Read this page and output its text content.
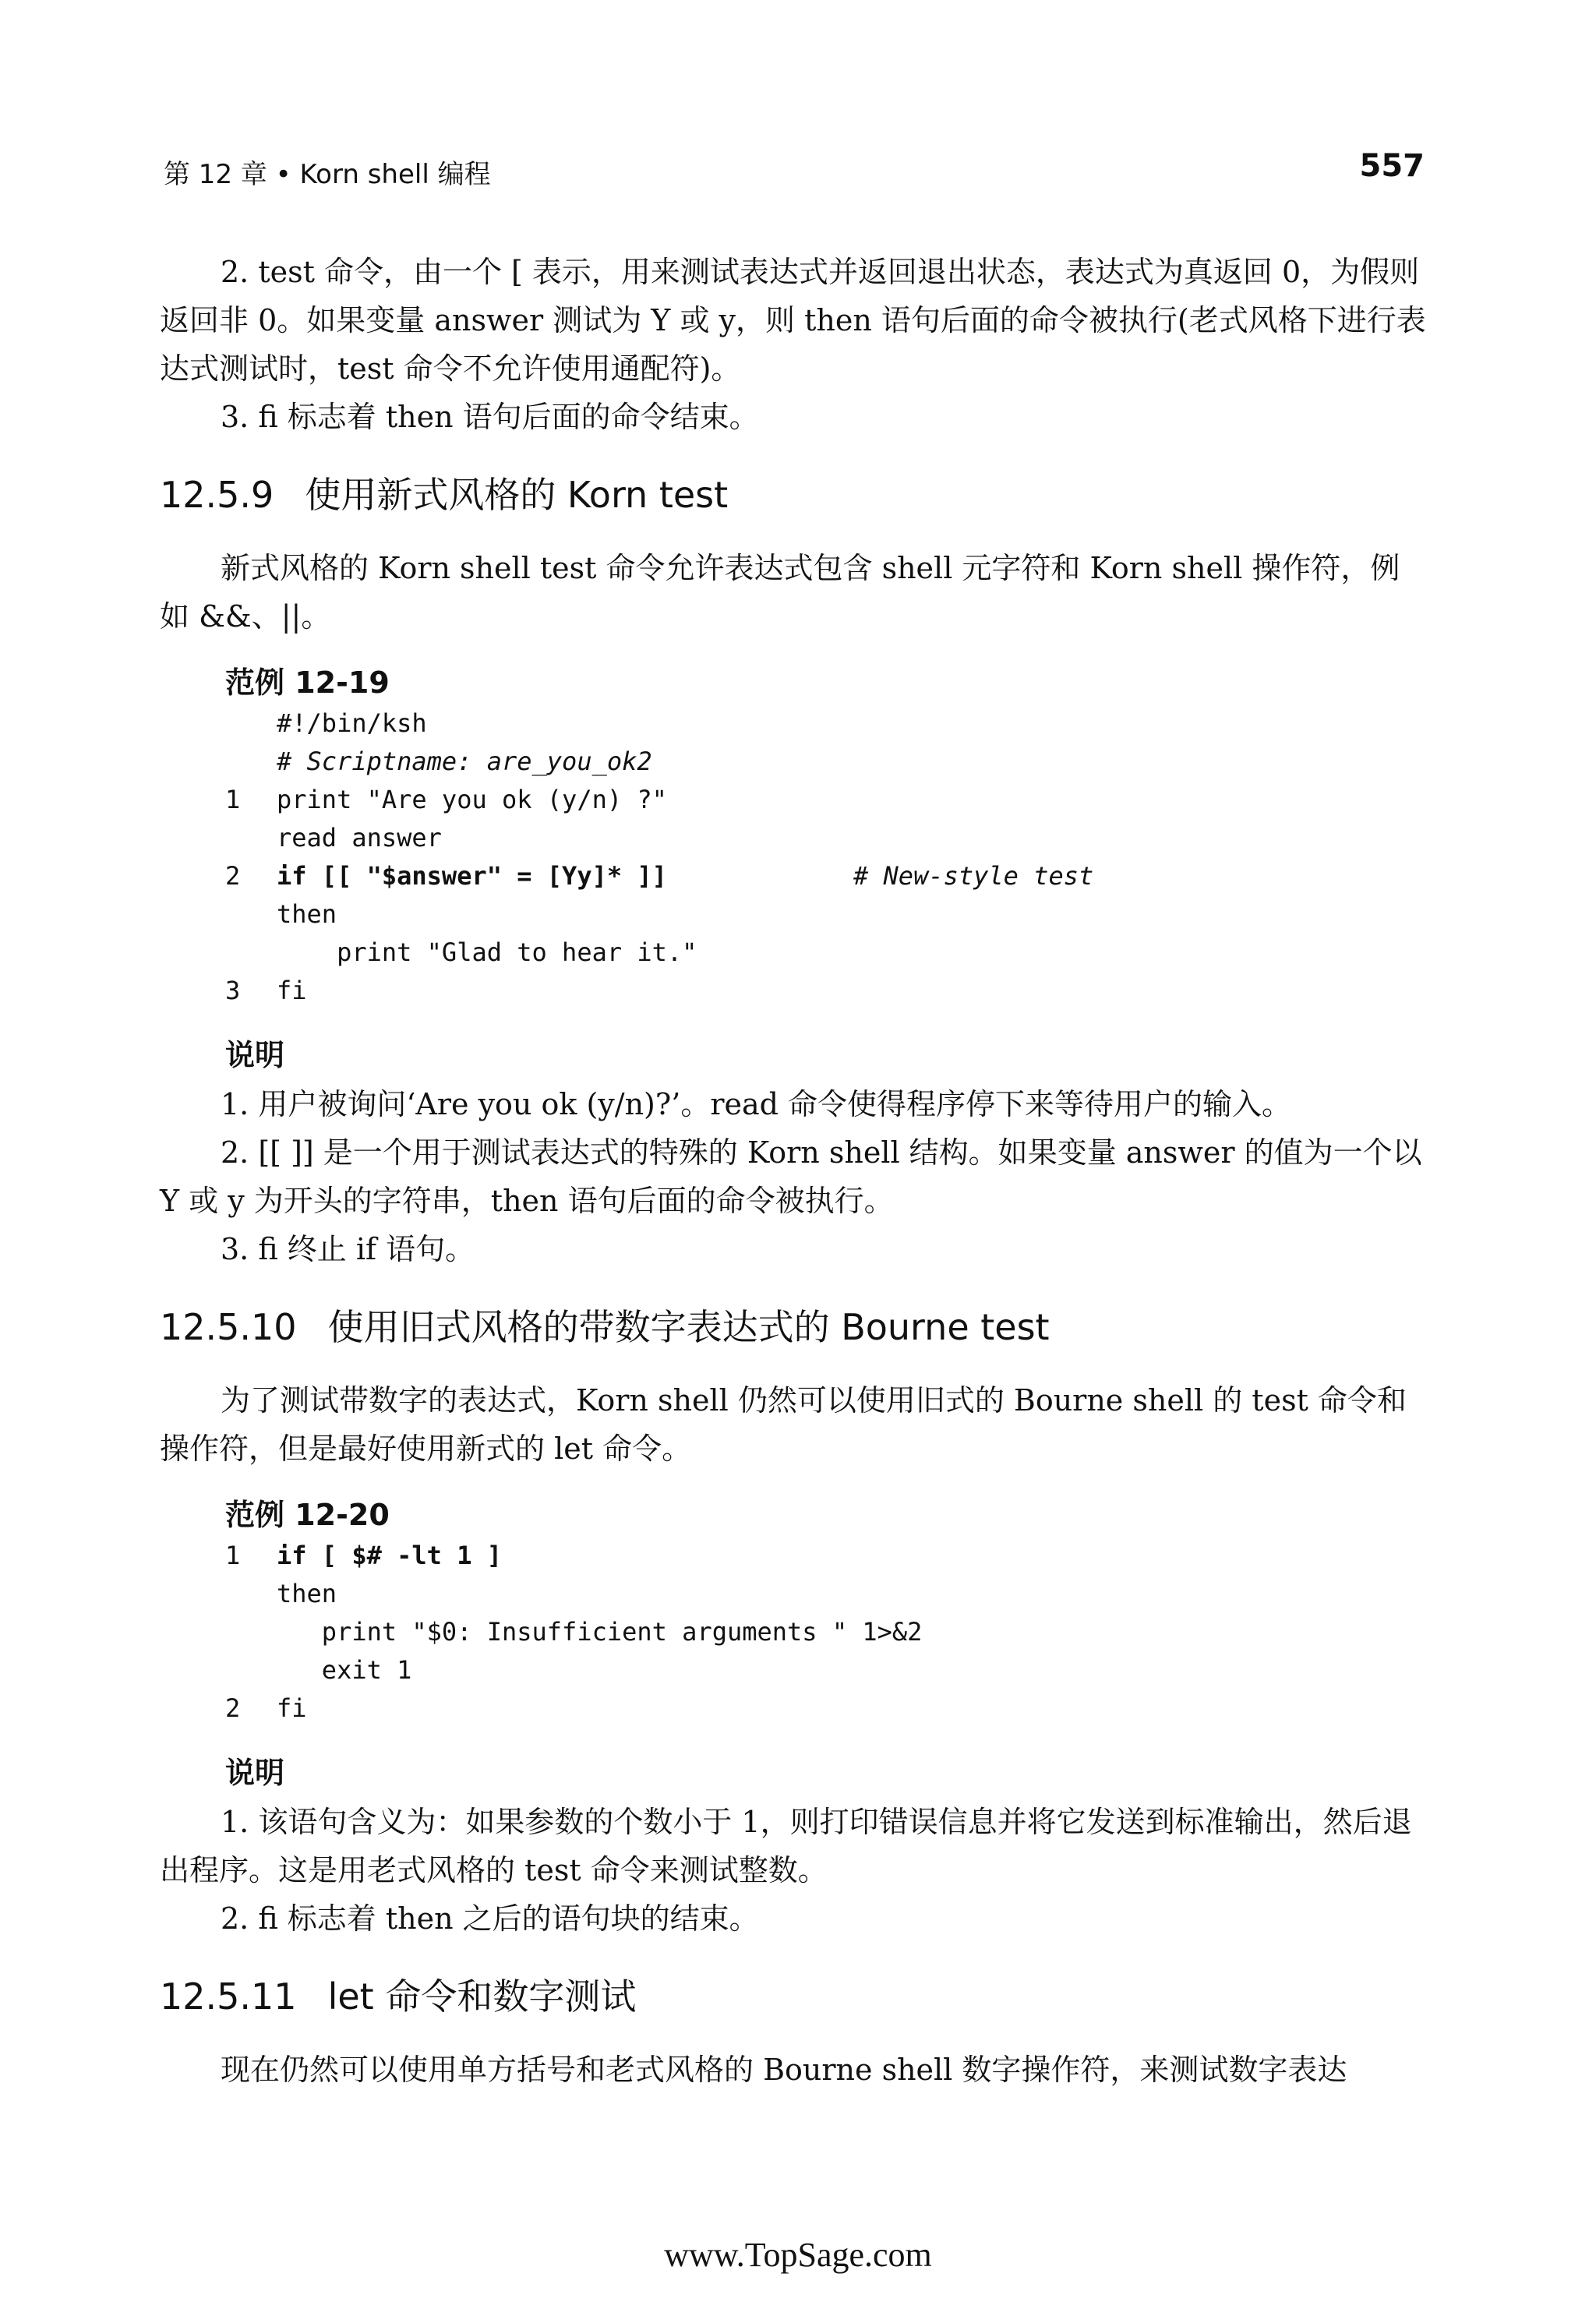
第 12 章 • Korn shell 编程	557

2. test 命令，由一个 [ 表示，用来测试表达式并返回退出状态，表达式为真返回 0，为假则返回非 0。如果变量 answer 测试为 Y 或 y，则 then 语句后面的命令被执行(老式风格下进行表达式测试时，test 命令不允许使用通配符)。

3. fi 标志着 then 语句后面的命令结束。

12.5.9 使用新式风格的 Korn test

新式风格的 Korn shell test 命令允许表达式包含 shell 元字符和 Korn shell 操作符，例如 &&、||。

范例 12-19
#!/bin/ksh
# Scriptname: are_you_ok2
1	print "Are you ok (y/n) ?"
read answer
2	if [[ "$answer" = [Yy]* ]]	# New-style test
then
print "Glad to hear it."
3	fi
说明

1. 用户被询问‘Are you ok (y/n)?’。read 命令使得程序停下来等待用户的输入。

2. [[ ]] 是一个用于测试表达式的特殊的 Korn shell 结构。如果变量 answer 的值为一个以 Y 或 y 为开头的字符串，then 语句后面的命令被执行。

3. fi 终止 if 语句。

12.5.10 使用旧式风格的带数字表达式的 Bourne test

为了测试带数字的表达式，Korn shell 仍然可以使用旧式的 Bourne shell 的 test 命令和操作符，但是最好使用新式的 let 命令。

范例 12-20
1	if [ $# -lt 1 ]
then
print "$0: Insufficient arguments " 1>&2
exit 1
2	fi
说明

1. 该语句含义为：如果参数的个数小于 1，则打印错误信息并将它发送到标准输出，然后退出程序。这是用老式风格的 test 命令来测试整数。

2. fi 标志着 then 之后的语句块的结束。

12.5.11 let 命令和数字测试

现在仍然可以使用单方括号和老式风格的 Bourne shell 数字操作符，来测试数字表达

www.TopSage.com
